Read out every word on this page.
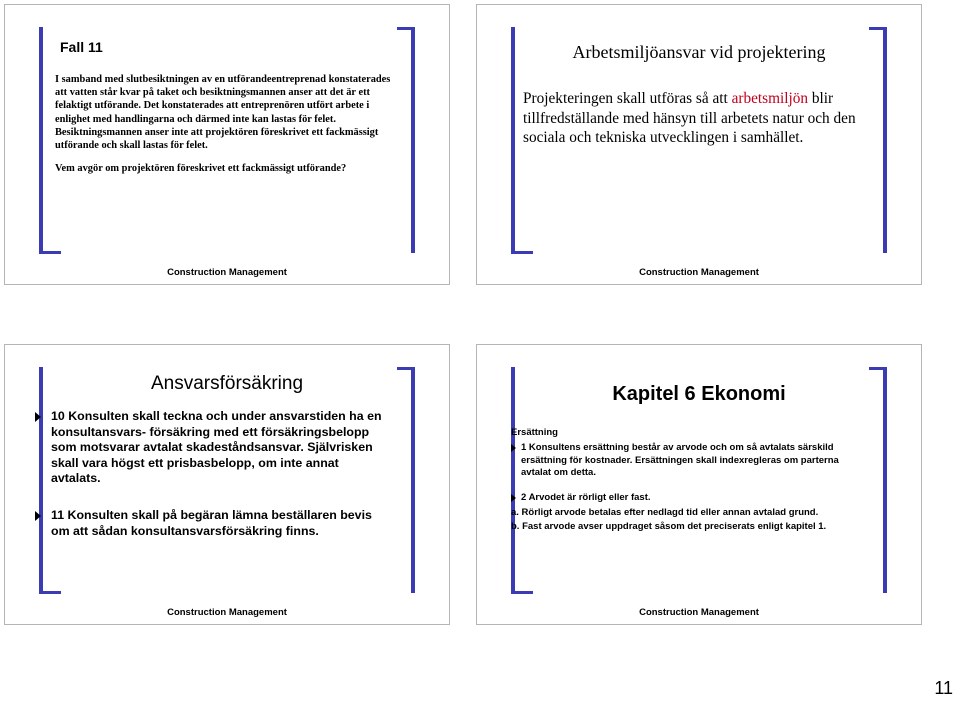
Fall 11
I samband med slutbesiktningen av en utförandeentreprenad konstaterades att vatten står kvar på taket och besiktningsmannen anser att det är ett felaktigt utförande. Det konstaterades att entreprenören utfört arbete i enlighet med handlingarna och därmed inte kan lastas för felet. Besiktningsmannen anser inte att projektören föreskrivet ett fackmässigt utförande och skall lastas för felet.
Vem avgör om projektören föreskrivet ett fackmässigt utförande?
Construction Management
Arbetsmiljöansvar vid projektering
Projekteringen skall utföras så att arbetsmiljön blir tillfredställande med hänsyn till arbetets natur och den sociala och tekniska utvecklingen i samhället.
Construction Management
Ansvarsförsäkring
10 Konsulten skall teckna och under ansvarstiden ha en konsultansvars- försäkring med ett försäkringsbelopp som motsvarar avtalat skadeståndsansvar. Självrisken skall vara högst ett prisbasbelopp, om inte annat avtalats.
11 Konsulten skall på begäran lämna beställaren bevis om att sådan konsultansvarsförsäkring finns.
Construction Management
Kapitel 6 Ekonomi
Ersättning
1 Konsultens ersättning består av arvode och om så avtalats särskild ersättning för kostnader. Ersättningen skall indexregleras om parterna avtalat om detta.
2 Arvodet är rörligt eller fast.
a. Rörligt arvode betalas efter nedlagd tid eller annan avtalad grund.
b. Fast arvode avser uppdraget såsom det preciserats enligt kapitel 1.
Construction Management
11
